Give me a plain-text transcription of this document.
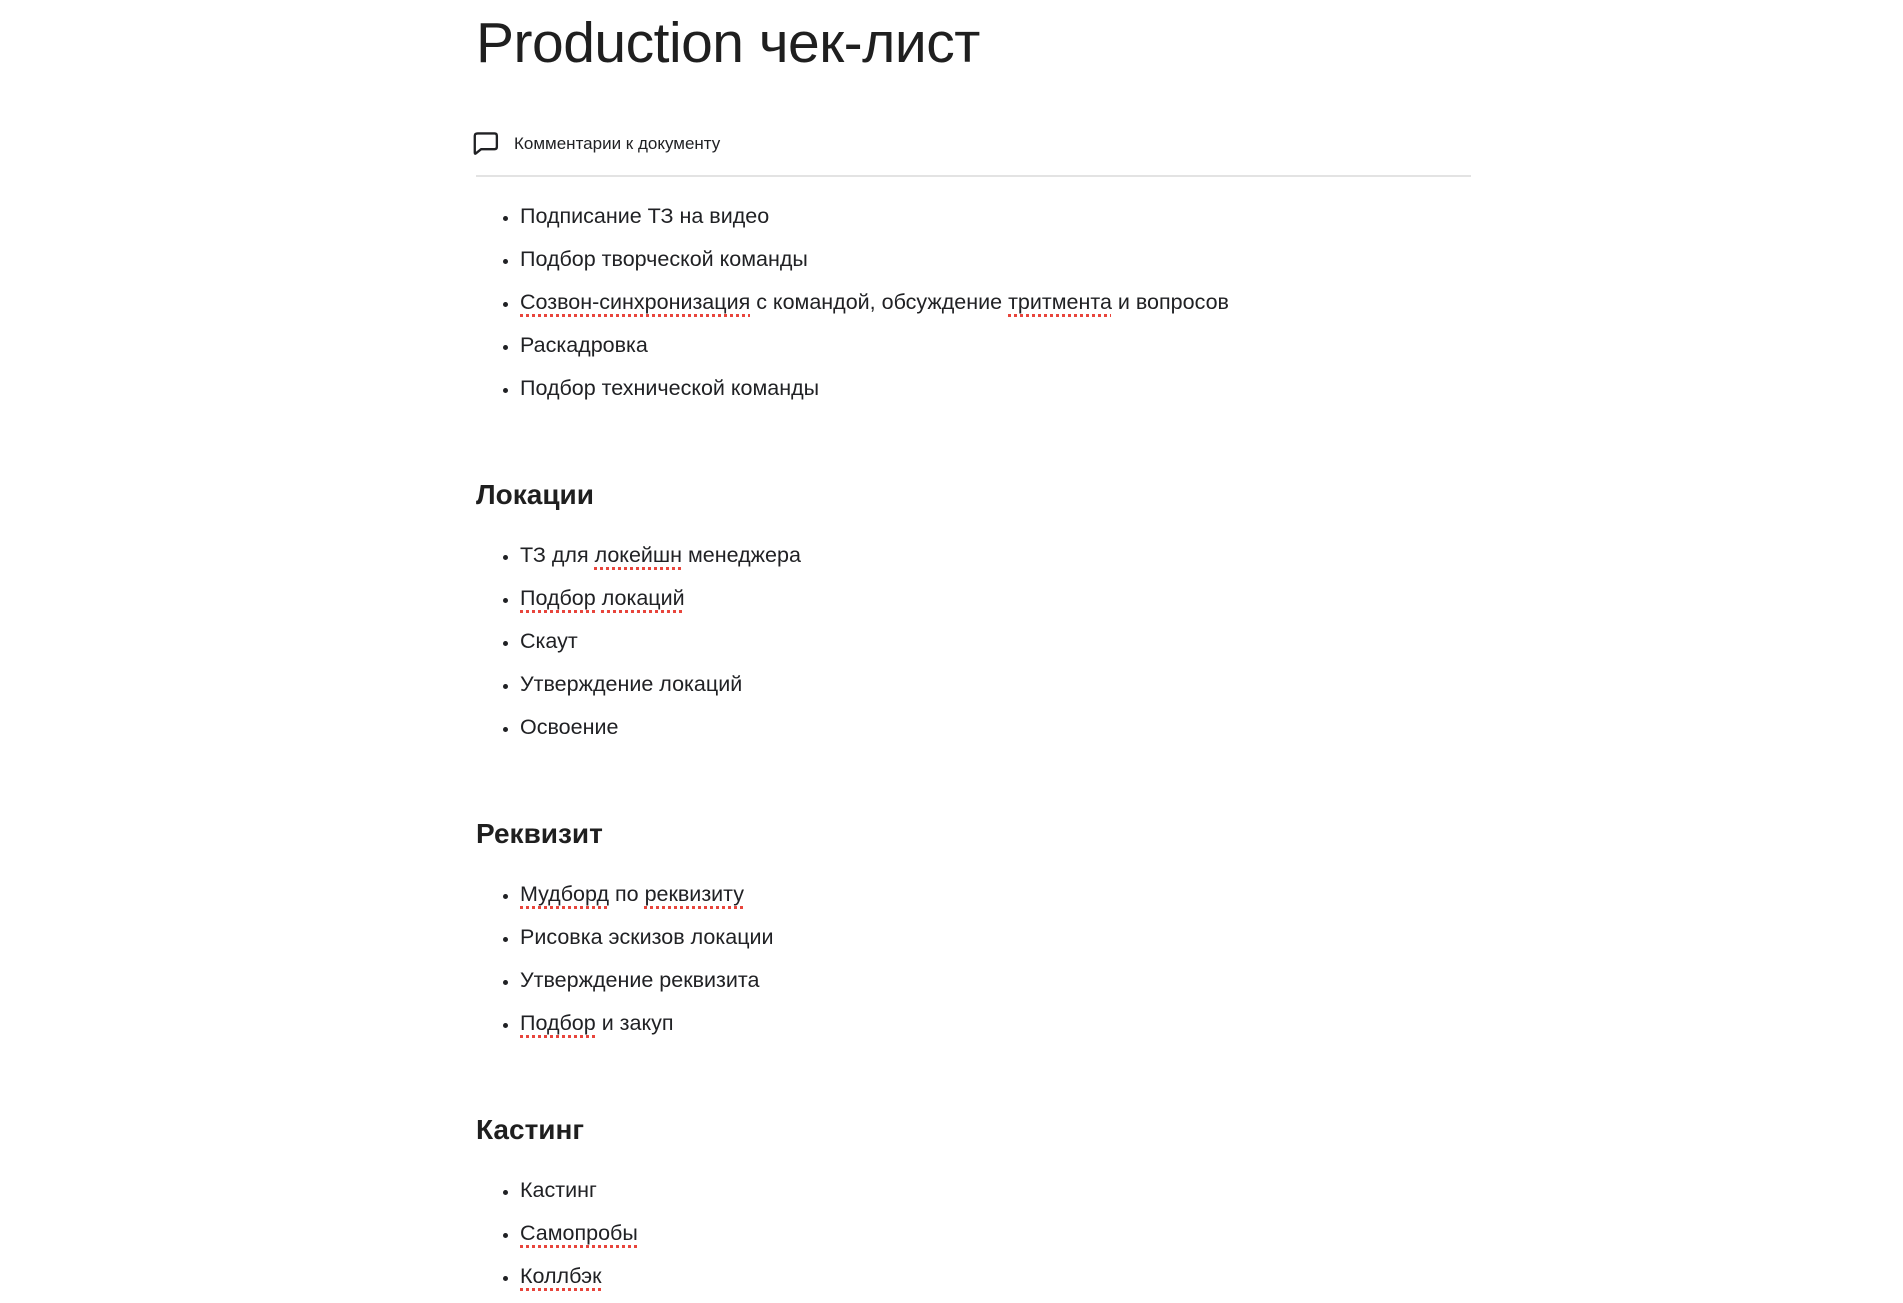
Production чек-лист
Комментарии к документу
• Подписание ТЗ на видео
• Подбор творческой команды
• Созвон-синхронизация с командой, обсуждение тритмента и вопросов
• Раскадровка
• Подбор технической команды
Локации
• ТЗ для локейшн менеджера
• Подбор локаций
• Скаут
• Утверждение локаций
• Освоение
Реквизит
• Мудборд по реквизиту
• Рисовка эскизов локации
• Утверждение реквизита
• Подбор и закуп
Кастинг
• Кастинг
• Самопробы
• Коллбэк
